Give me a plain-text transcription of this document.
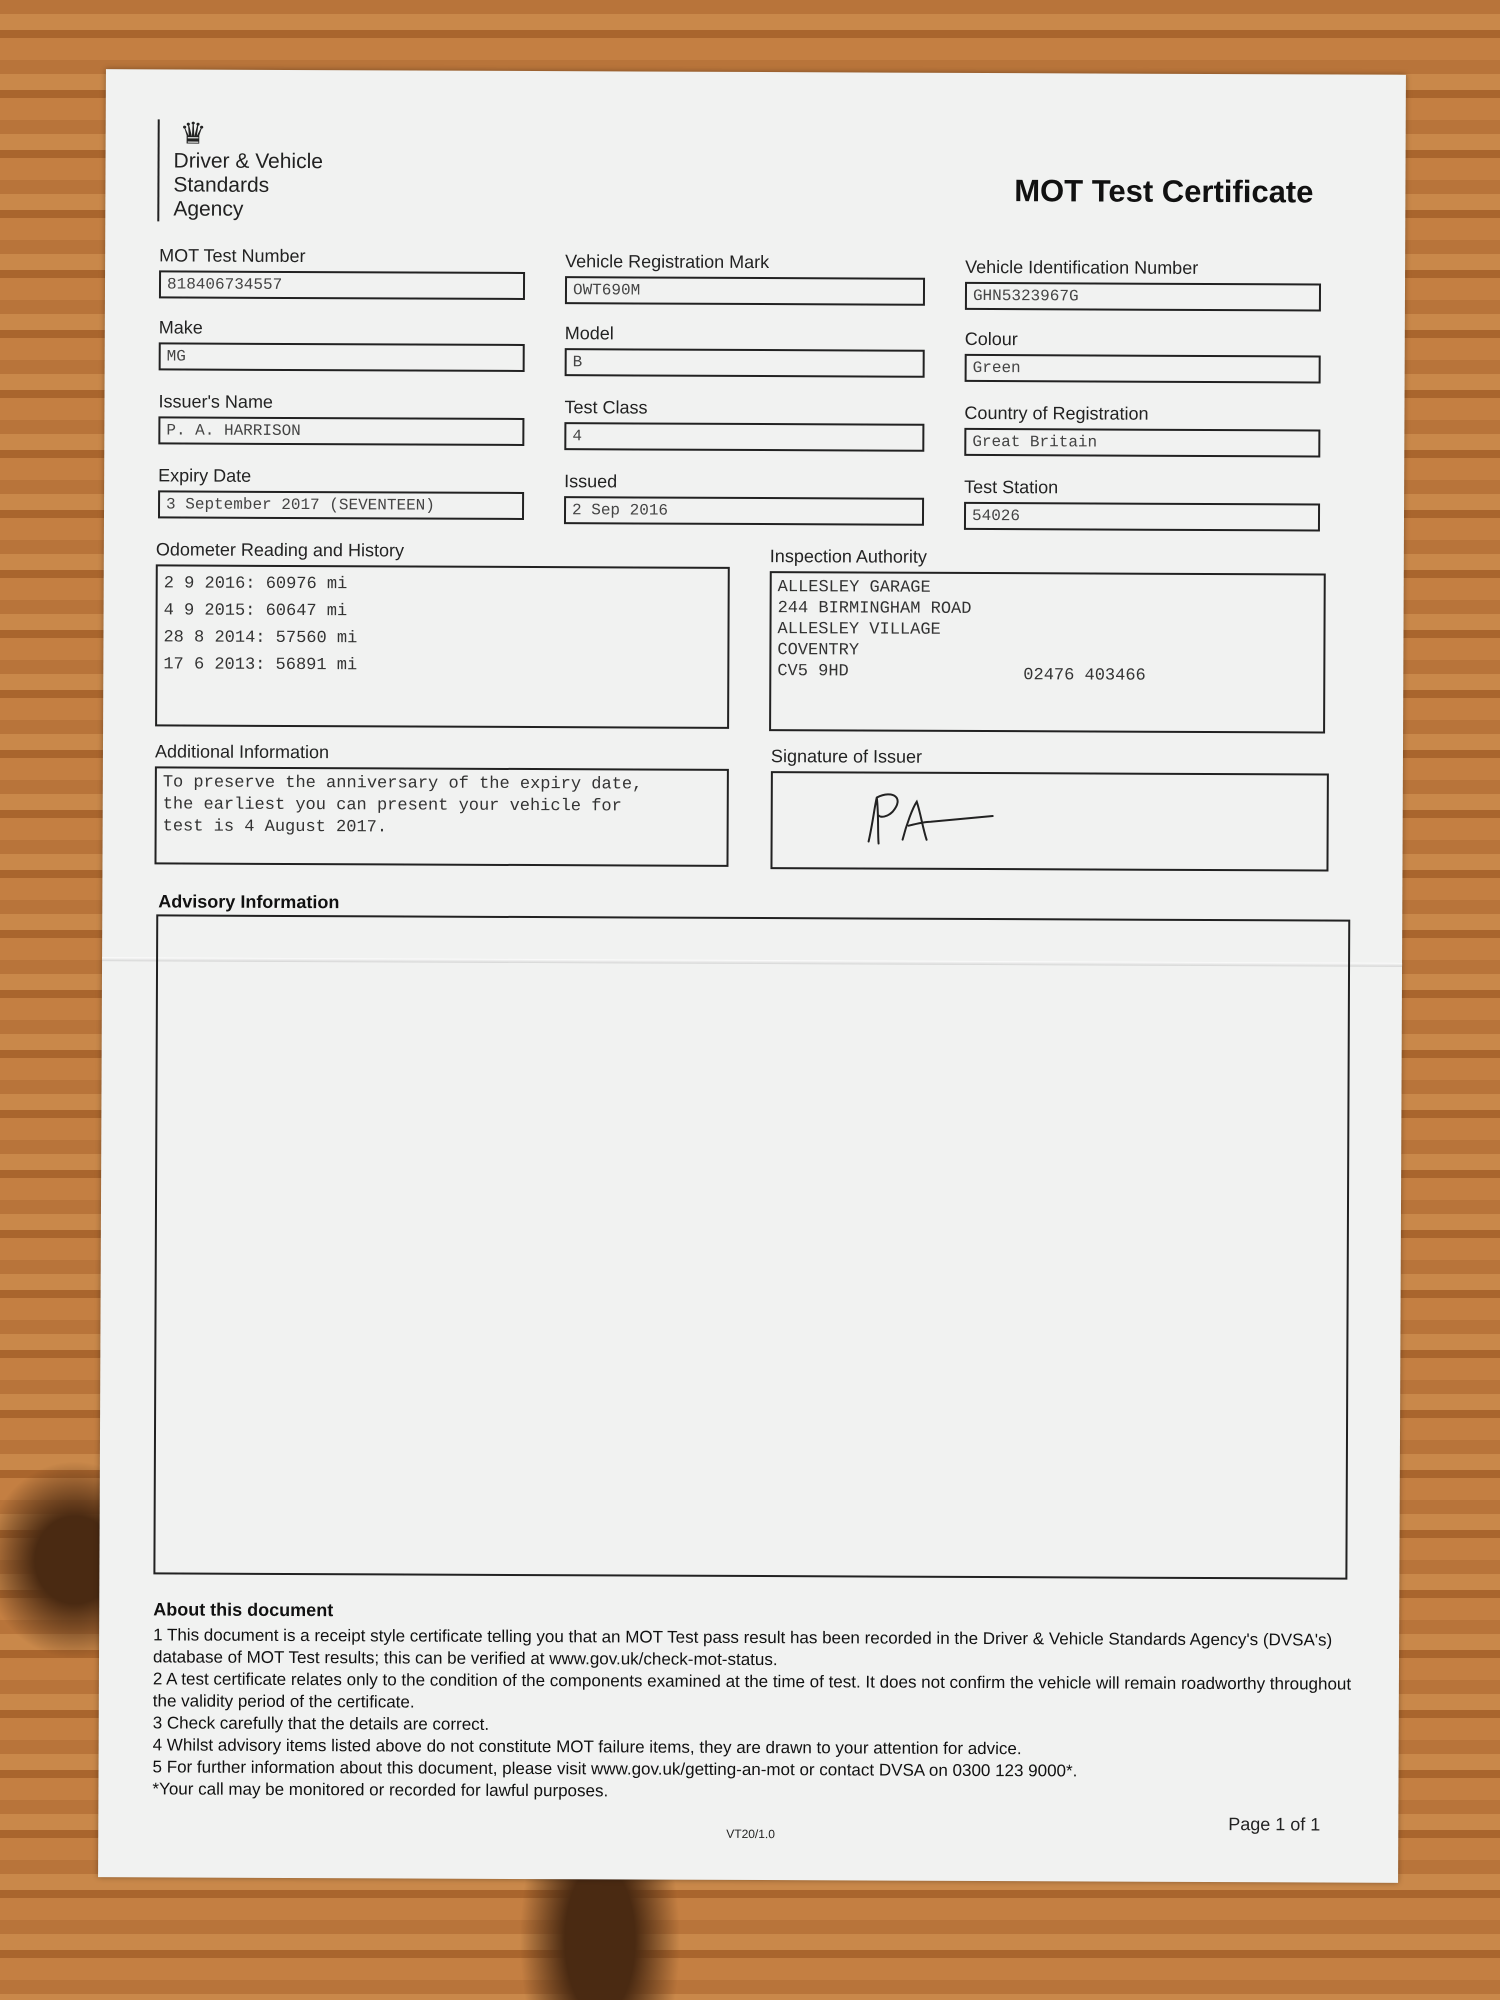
♛
Driver & Vehicle
Standards
Agency	MOT Test Certificate
MOT Test Number
818406734557
Vehicle Registration Mark
OWT690M
Vehicle Identification Number
GHN5323967G
Make
MG
Model
B
Colour
Green
Issuer's Name
P. A. HARRISON
Test Class
4
Country of Registration
Great Britain
Expiry Date
3 September 2017 (SEVENTEEN)
Issued
2 Sep 2016
Test Station
54026
Odometer Reading and History
2 9 2016: 60976 mi
4 9 2015: 60647 mi
28 8 2014: 57560 mi
17 6 2013: 56891 mi
Inspection Authority
ALLESLEY GARAGE
244 BIRMINGHAM ROAD
ALLESLEY VILLAGE
COVENTRY
CV5 9HD	02476 403466
Additional Information
To preserve the anniversary of the expiry date,
the earliest you can present your vehicle for
test is 4 August 2017.
Signature of Issuer
Advisory Information
About this document

1 This document is a receipt style certificate telling you that an MOT Test pass result has been recorded in the Driver & Vehicle Standards Agency's (DVSA's) database of MOT Test results; this can be verified at www.gov.uk/check-mot-status.

2 A test certificate relates only to the condition of the components examined at the time of test. It does not confirm the vehicle will remain roadworthy throughout the validity period of the certificate.

3 Check carefully that the details are correct.

4 Whilst advisory items listed above do not constitute MOT failure items, they are drawn to your attention for advice.

5 For further information about this document, please visit www.gov.uk/getting-an-mot or contact DVSA on 0300 123 9000*.

*Your call may be monitored or recorded for lawful purposes.

VT20/1.0	Page 1 of 1
